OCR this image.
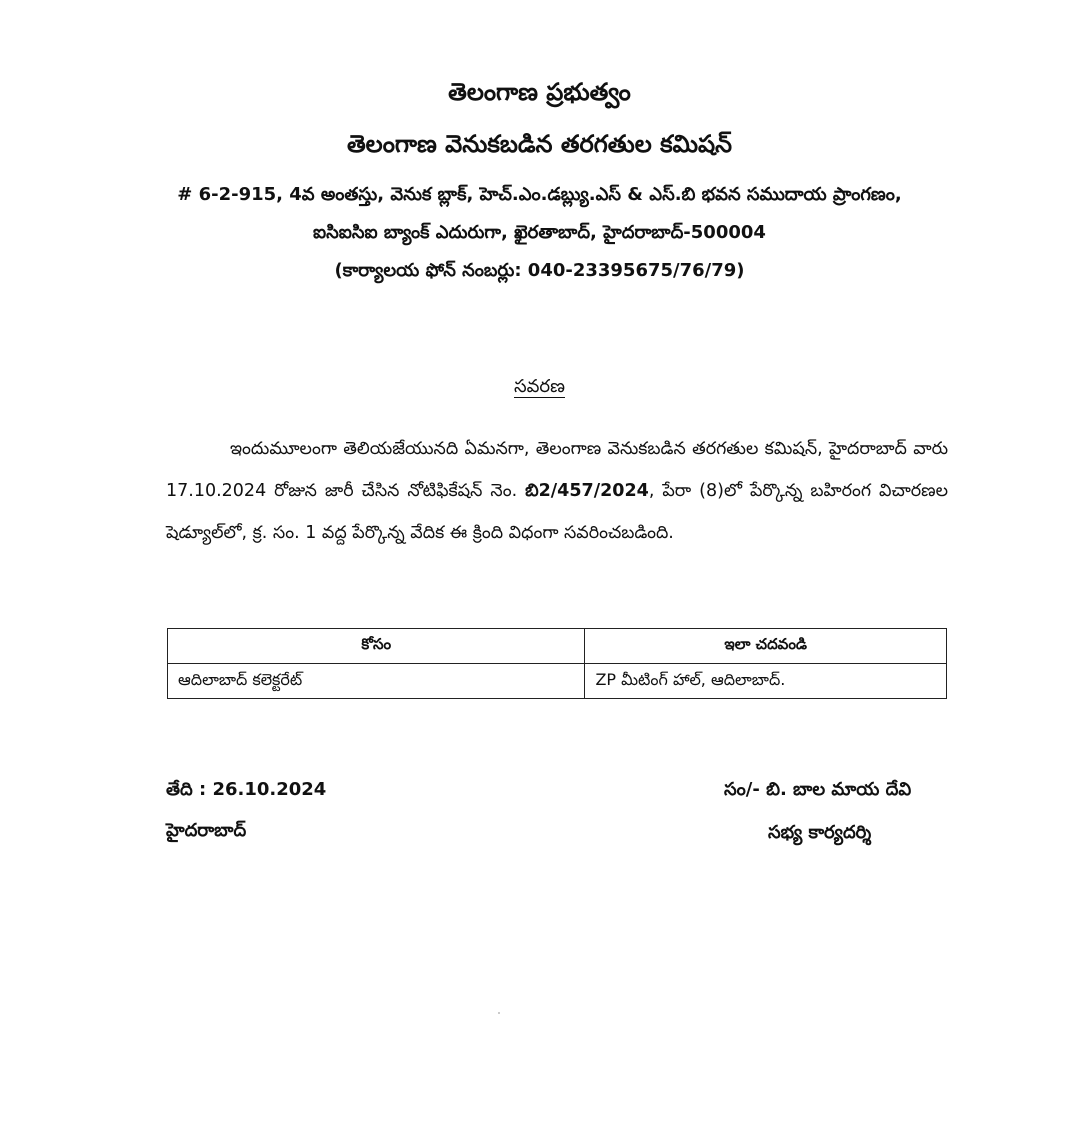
తెలంగాణ ప్రభుత్వం
తెలంగాణ వెనుకబడిన తరగతుల కమిషన్
# 6-2-915, 4వ అంతస్తు, వెనుక బ్లాక్, హెచ్.ఎం.డబ్ల్యు.ఎస్ & ఎస్.బి భవన సముదాయ ప్రాంగణం,
ఐసిఐసిఐ బ్యాంక్ ఎదురుగా, ఖైరతాబాద్, హైదరాబాద్-500004
(కార్యాలయ ఫోన్ నంబర్లు: 040-23395675/76/79)
సవరణ

ఇందుమూలంగా తెలియజేయునది ఏమనగా, తెలంగాణ వెనుకబడిన తరగతుల కమిషన్, హైదరాబాద్ వారు 17.10.2024 రోజున జారీ చేసిన నోటిఫికేషన్ నెం. బి2/457/2024, పేరా (8)లో పేర్కొన్న బహిరంగ విచారణల షెడ్యూల్‌లో, క్ర. సం. 1 వద్ద పేర్కొన్న వేదిక ఈ క్రింది విధంగా సవరించబడింది.

కోసం	ఇలా చదవండి
ఆదిలాబాద్ కలెక్టరేట్	ZP మీటింగ్ హాల్, ఆదిలాబాద్.
తేది : 26.10.2024
హైదరాబాద్
సం/- బి. బాల మాయ దేవి
సభ్య కార్యదర్శి
